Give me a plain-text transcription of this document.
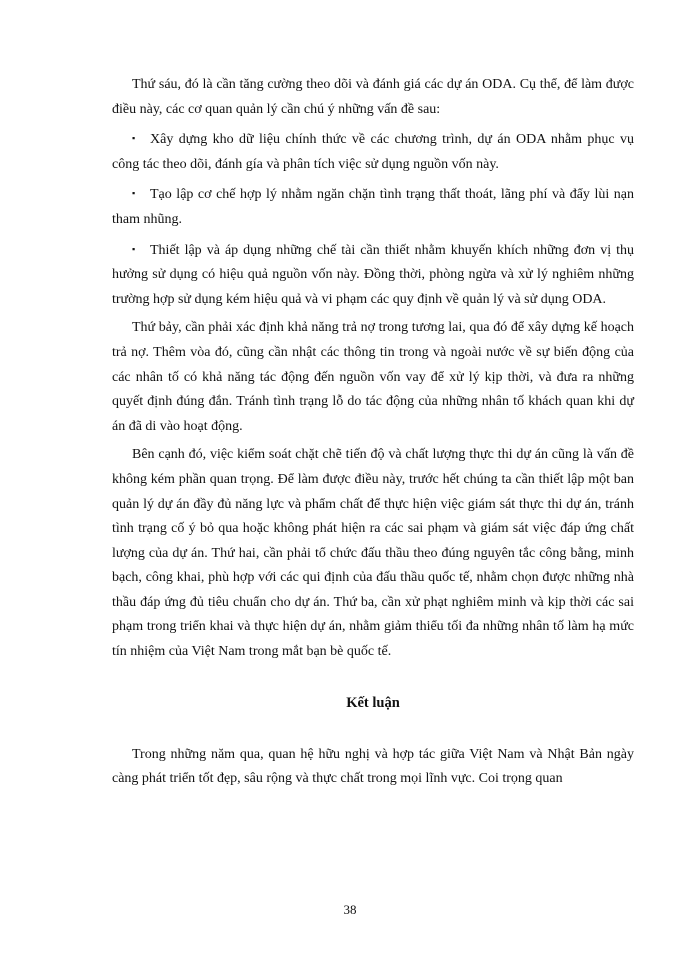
Thứ sáu, đó là cần tăng cường theo dõi và đánh giá các dự án ODA. Cụ thể, để làm được điều này, các cơ quan quản lý cần chú ý những vấn đề sau:

▪ Xây dựng kho dữ liệu chính thức về các chương trình, dự án ODA nhằm phục vụ công tác theo dõi, đánh gía và phân tích việc sử dụng nguồn vốn này.

▪ Tạo lập cơ chế hợp lý nhằm ngăn chặn tình trạng thất thoát, lãng phí và đẩy lùi nạn tham nhũng.

▪ Thiết lập và áp dụng những chế tài cần thiết nhằm khuyến khích những đơn vị thụ hưởng sử dụng có hiệu quả nguồn vốn này. Đồng thời, phòng ngừa và xử lý nghiêm những trường hợp sử dụng kém hiệu quả và vi phạm các quy định về quản lý và sử dụng ODA.

Thứ bảy, cần phải xác định khả năng trả nợ trong tương lai, qua đó để xây dựng kế hoạch trả nợ. Thêm vòa đó, cũng cần nhật các thông tin trong và ngoài nước về sự biến động của các nhân tố có khả năng tác động đến nguồn vốn vay để xử lý kịp thời, và đưa ra những quyết định đúng đắn. Tránh tình trạng lỗ do tác động của những nhân tố khách quan khi dự án đã di vào hoạt động.

Bên cạnh đó, việc kiểm soát chặt chẽ tiến độ và chất lượng thực thi dự án cũng là vấn đề không kém phần quan trọng. Để làm được điều này, trước hết chúng ta cần thiết lập một ban quản lý dự án đầy đủ năng lực và phẩm chất để thực hiện việc giám sát thực thi dự án, tránh tình trạng cố ý bỏ qua hoặc không phát hiện ra các sai phạm và giám sát việc đáp ứng chất lượng của dự án. Thứ hai, cần phải tổ chức đấu thầu theo đúng nguyên tắc công bằng, minh bạch, công khai, phù hợp với các qui định của đấu thầu quốc tế, nhằm chọn được những nhà thầu đáp ứng đủ tiêu chuẩn cho dự án. Thứ ba, cần xử phạt nghiêm minh và kịp thời các sai phạm trong triển khai và thực hiện dự án, nhằm giảm thiểu tối đa những nhân tố làm hạ mức tín nhiệm của Việt Nam trong mắt bạn bè quốc tế.

Kết luận

Trong những năm qua, quan hệ hữu nghị và hợp tác giữa Việt Nam và Nhật Bản ngày càng phát triển tốt đẹp, sâu rộng và thực chất trong mọi lĩnh vực. Coi trọng quan

38
